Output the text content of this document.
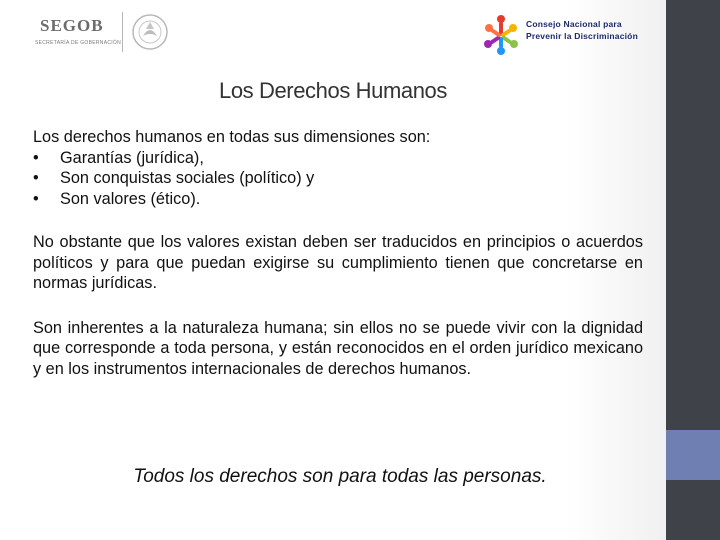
SEGOB
SECRETARÍA DE GOBERNACIÓN
Consejo Nacional para
Prevenir la Discriminación
Los Derechos Humanos

Los derechos humanos en todas sus dimensiones son:

• Garantías (jurídica),
• Son conquistas sociales (político) y
• Son valores (ético).

No obstante que los valores existan deben ser traducidos en principios o acuerdos políticos y para que puedan exigirse su cumplimiento tienen que concretarse en normas jurídicas.

Son inherentes a la naturaleza humana; sin ellos no se puede vivir con la dignidad que corresponde a toda persona, y están reconocidos en el orden jurídico mexicano y en los instrumentos internacionales de derechos humanos.

Todos los derechos son para todas las personas.
